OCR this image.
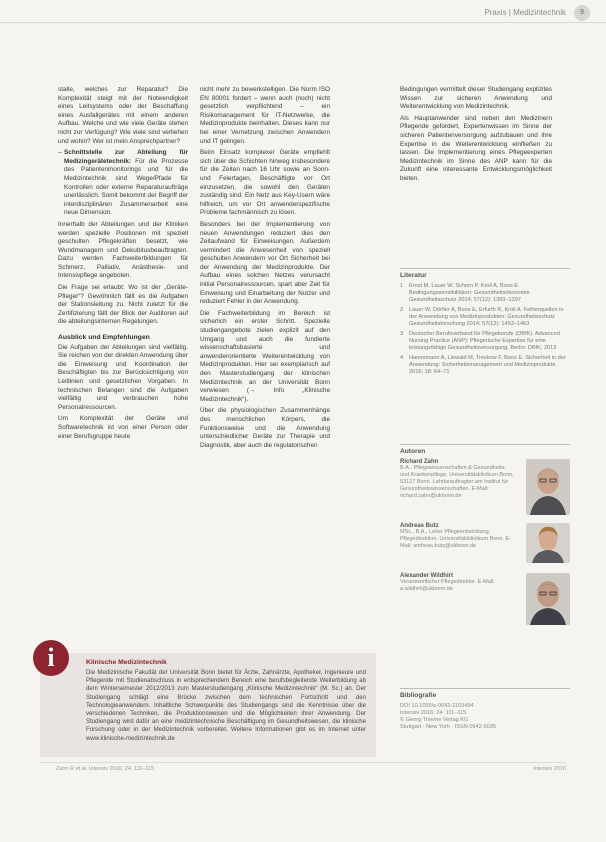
Praxis | Medizintechnik	9

stalle, welches zur Reparatur? Die Komplexität steigt mit der Notwendigkeit eines Leitsystems oder der Beschaffung eines Ausfallgerätes mit einem anderen Aufbau. Welche und wie viele Geräte stehen nicht zur Verfügung? Wie viele sind verliehen und wohin? Wer ist mein Ansprechpartner?

– Schnittstelle zur Abteilung für Medizingerätetechnik: Für die Prozesse des Patientenmonitorings und für die Medizintechnik sind Wege/Pfade für Kontrollen oder externe Reparaturaufträge unerlässlich. Somit bekommt der Begriff der interdisziplinären Zusammenarbeit eine neue Dimension.

Innerhalb der Abteilungen und der Kliniken werden spezielle Positionen mit speziell geschulten Pflegekräften besetzt, wie Wundmanagern und Dekubitusbeauftragten. Dazu werden Fachweiterbildungen für Schmerz, Palliativ, Anästhesie- und Intensivpflege angeboten.

Die Frage sei erlaubt: Wo ist der „Geräte-Pfleger“? Gewöhnlich fällt es die Aufgaben der Stationsleitung zu. Nicht zuletzt für die Zertifizierung fällt der Blick der Auditoren auf die abteilungsinternen Regelungen.

Ausblick und Empfehlungen

Die Aufgaben der Abteilungen sind vielfältig. Sie reichen von der direkten Anwendung über die Einweisung und Koordination der Beschäftigten bis zur Berücksichtigung von Leitlinien und gesetzlichen Vorgaben. In technischen Belangen sind die Aufgaben vielfältig und verbrauchen hohe Personalressourcen.

Um Komplexität der Geräte und Softwaretechnik ist von einer Person oder einer Berufsgruppe heute

nicht mehr zu bewerkstelligen. Die Norm ISO EN 80001 fordert – wenn auch (noch) nicht gesetzlich verpflichtend – ein Risikomanagement für IT-Netzwerke, die Medizinprodukte beinhalten. Dieses kann nur bei einer Vernetzung zwischen Anwendern und IT gelingen.

Beim Einsatz komplexer Geräte empfiehlt sich über die Schichten hinweg insbesondere für die Zeiten nach 16 Uhr sowie an Sonn- und Feiertagen, Beschäftigte vor Ort einzusetzen, die sowohl den Geräten zuständig sind. Ein Netz aus Key-Usern wäre hilfreich, um vor Ort anwenderspezifische Probleme fachmännisch zu lösen.

Besonders bei der Implementierung von neuen Anwendungen reduziert dies den Zeitaufwand für Einweisungen. Außerdem vermindert die Anwesenheit von speziell geschulten Anwendern vor Ort Sicherheit bei der Anwendung der Medizinprodukte. Der Aufbau eines solchen Netzes verursacht initial Personalressourcen, spart aber Zeit für Einweisung und Einarbeitung der Nutzer und reduziert Fehler in der Anwendung.

Die Fachweiterbildung im Bereich ist sicherlich ein erster Schritt. Spezielle studiengangebote zielen explizit auf den Umgang und auch die fundierte wissenschaftsbasierte und anwenderorientierte Weiterentwicklung von Medizinprodukten. Hier sei exemplarisch auf den Masterstudiengang der klinischen Medizintechnik an der Universität Bonn verwiesen (→ Info „Klinische Medizintechnik“).

Über die physiologischen Zusammenhänge des menschlichen Körpers, die Funktionsweise und die Anwendung unterschiedlicher Geräte zur Therapie und Diagnostik, aber auch die regulatorischen

Bedingungen vermittelt dieser Studiengang explizites Wissen zur sicheren Anwendung und Weiterentwicklung von Medizintechnik.

Als Hauptanwender sind neben den Medizinern Pflegende gefordert, Expertenwissen im Sinne der sicheren Patientenversorgung aufzubauen und ihre Expertise in die Weiterentwicklung einfließen zu lassen. Die Implementierung eines Pflegeexperten Medizintechnik im Sinne des ANP kann für die Zukunft eine interessante Entwicklungsmöglichkeit bieten.

Literatur
1 Ernst M, Lauer W, Schorn P, Kroll A, Boos E. Bedingungssensibilitäten: Gesundheitsökonomie Gesundheitsschutz 2014; 57(12): 1393–1397
2 Lauer W, Dörfler A, Boos E, Erfurth R, Kroll A. Fehlerquellen in der Anwendung von Medizinprodukten: Gesundheitsschutz Gesundheitsforschung 2014; 57(12): 1453–1463
3 Deutscher Berufsverband für Pflegeberufe (DBfK). Advanced Nursing Practice (ANP): Pflegerische Expertise für eine leistungsfähige Gesundheitsversorgung. Berlin: DBfK; 2013
4 Hannemann A, Liewald M, Treskow F, Boos E. Sicherheit in der Anwendung: Sicherheitsmanagement und Medizinprodukte 2016; 18: 64–71
Autoren
Richard Zahn
B.A., Pflegewissenschaften & Gesundheits- und Krankenpflege, Universitätsklinikum Bonn, 53127 Bonn. Lehrbeauftragter am Institut für Gesundheitswissenschaften. E-Mail: richard.zahn@ukbonn.de
Andreas Butz
MSc., B.A., Leiter Pflegeentwicklung, Pflegedirektion, Universitätsklinikum Bonn. E-Mail: andreas.butz@ukbonn.de
Alexander Wildhirt
Verantwortlicher Pflegedirektor. E-Mail: a.wildhirt@ukbonn.de
Bibliografie
DOI 10.1055/s-0042-1103494
Intensiv 2016; 24: 111–115
© Georg Thieme Verlag KG
Stuttgart · New York · ISSN 0942-6035
i	Klinische Medizintechnik

Die Medizinische Fakultät der Universität Bonn bietet für Ärzte, Zahnärzte, Apotheker, Ingenieure und Pflegende mit Studienabschluss in entsprechendem Bereich eine berufsbegleitende Weiterbildung ab dem Wintersemester 2012/2013 zum Masterstudiengang „Klinische Medizintechnik“ (M. Sc.) an. Der Studiengang schlägt eine Brücke zwischen dem technischen Fortschritt und den Technologieanwendern. Inhaltliche Schwerpunkte des Studiengangs sind die Kenntnisse über die verschiedenen Techniken, die Produktionsweisen und die Möglichkeiten ihrer Anwendung. Der Studiengang wird dafür an eine medizintechnische Beschäftigung im Gesundheitswesen, die klinische Forschung oder in der Medizintechnik vorbereitet. Weitere Informationen gibt es im Internet unter www.klinische-medizintechnik.de

Zahn R et al. Intensiv 2016; 24: 111–115	Intensiv 2016
